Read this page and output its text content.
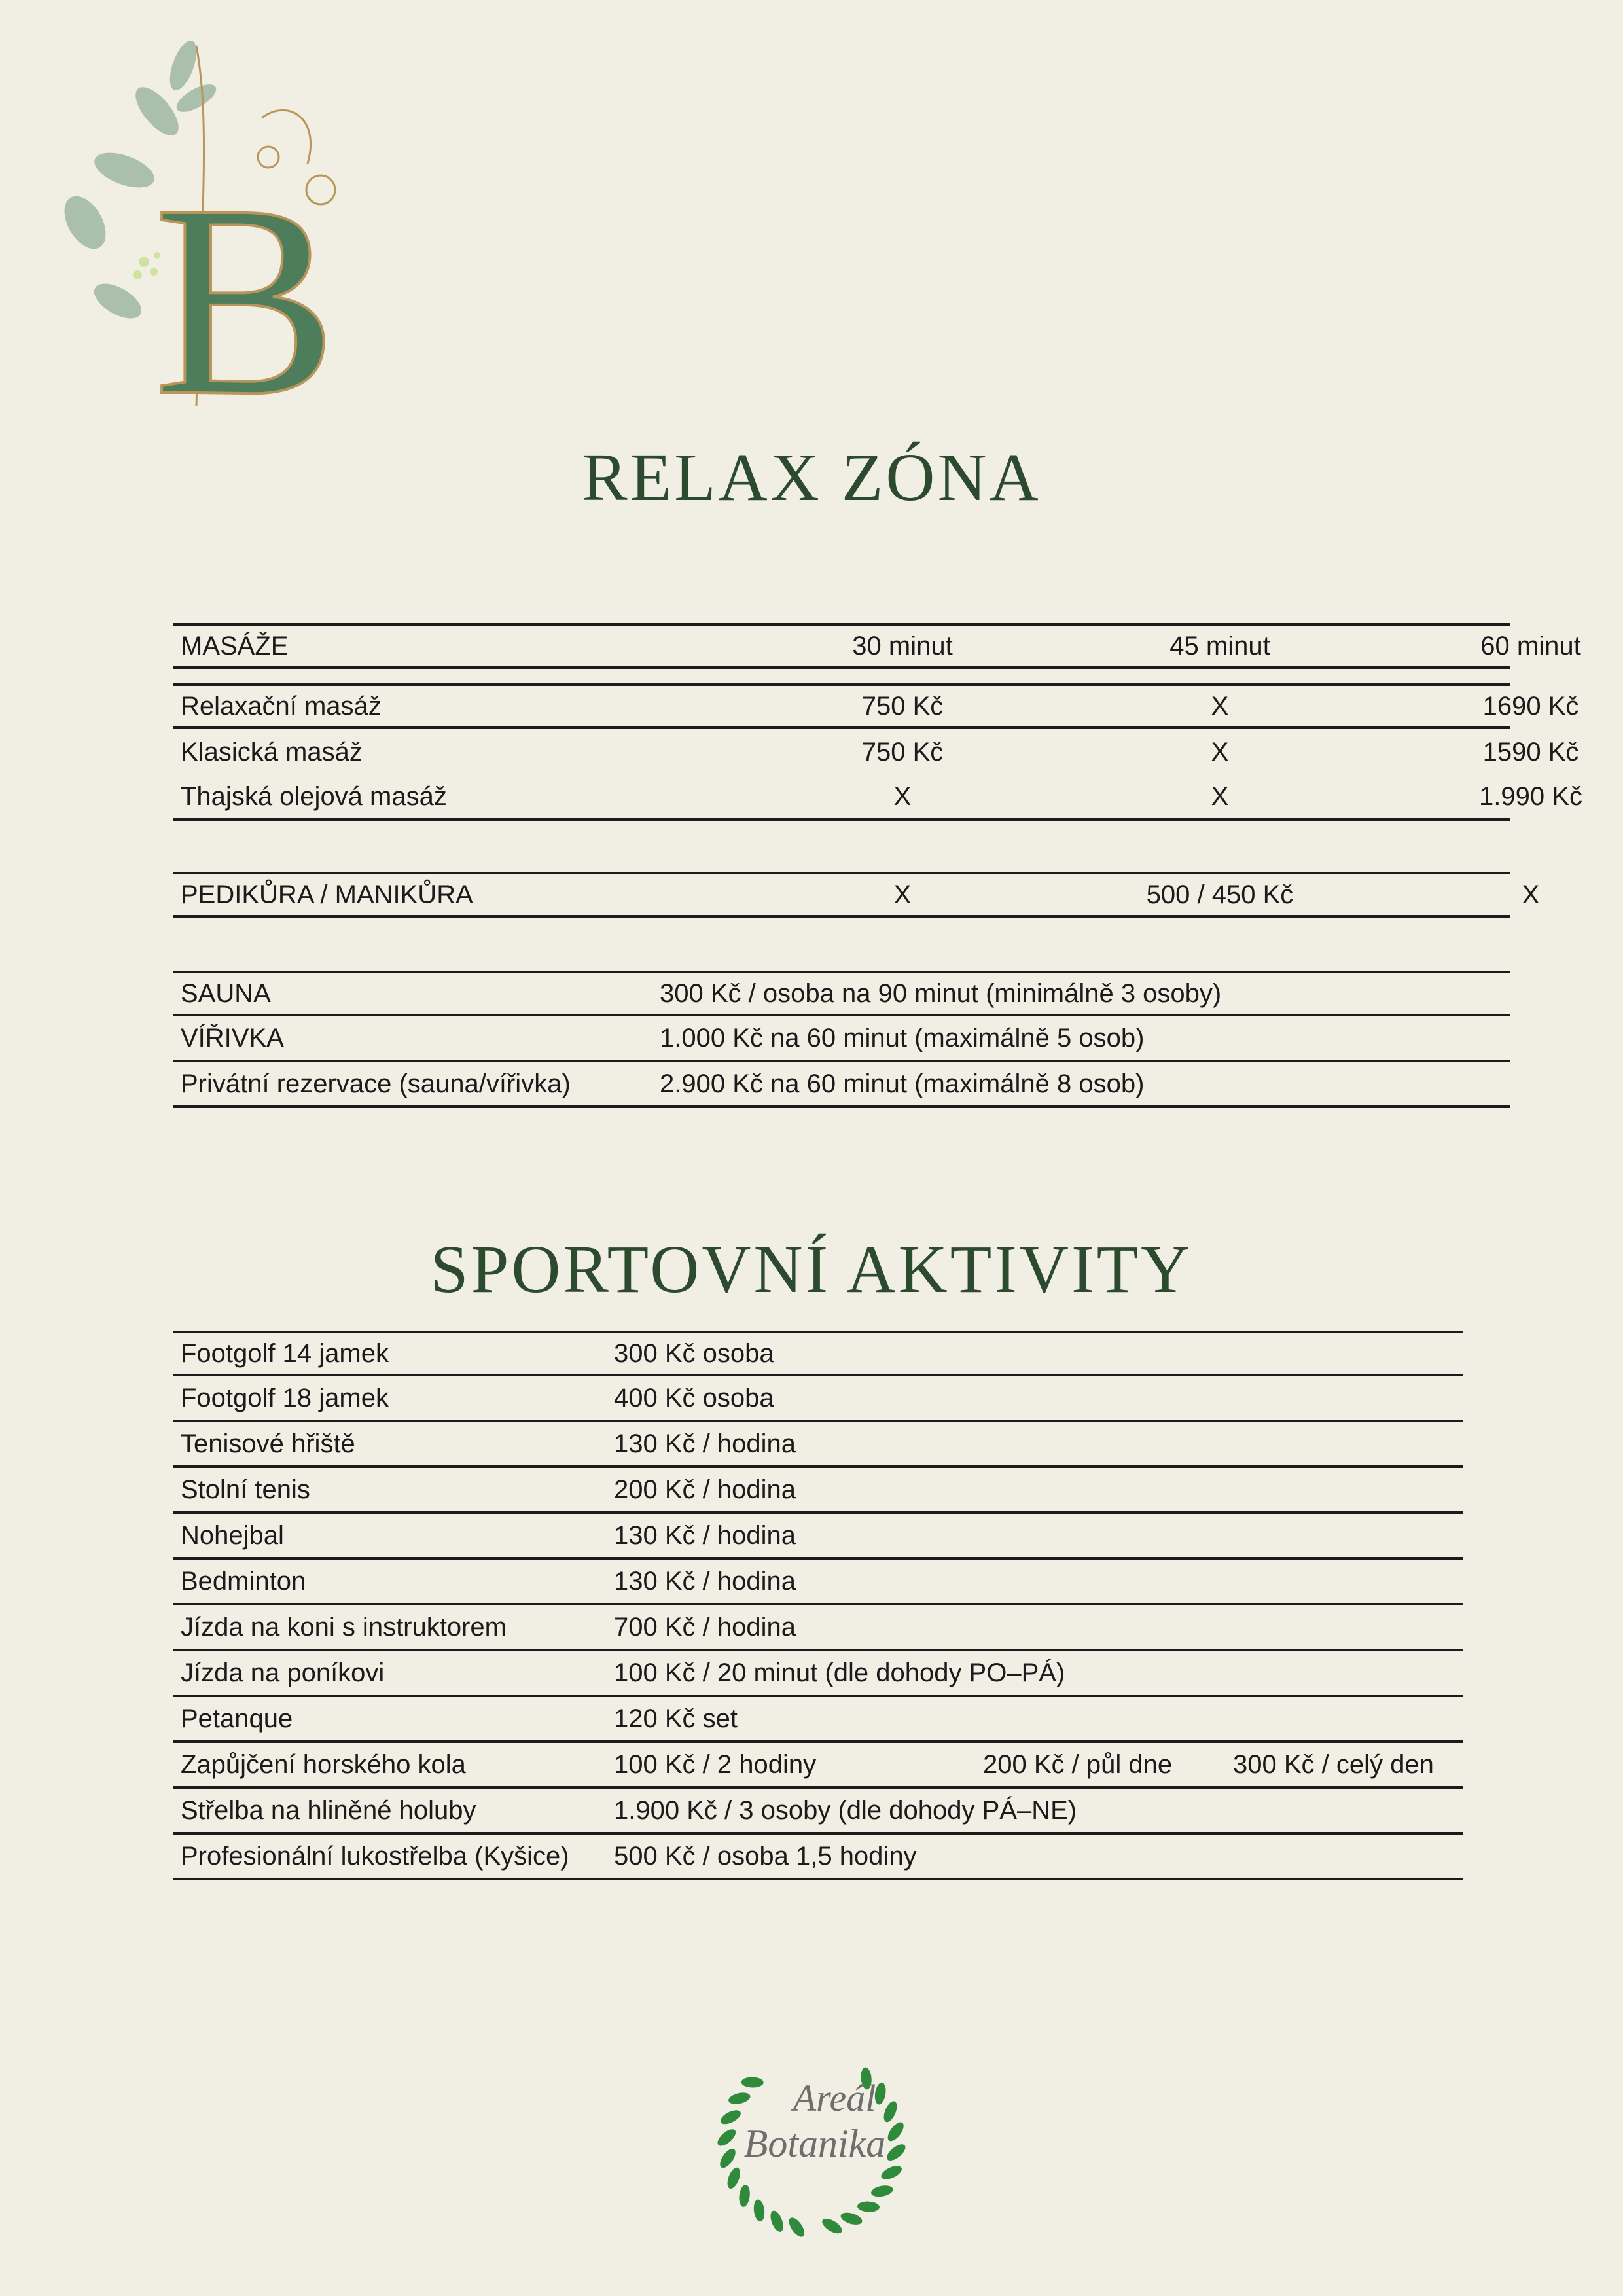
B
RELAX ZÓNA
MASÁŽE	30 minut	45 minut	60 minut
Relaxační masáž	750 Kč	X	1690 Kč
Klasická masáž	750 Kč	X	1590 Kč
Thajská olejová masáž	X	X	1.990 Kč
PEDIKŮRA / MANIKŮRA	X	500 / 450 Kč	X
SAUNA	300 Kč / osoba na 90 minut (minimálně 3 osoby)
VÍŘIVKA	1.000 Kč na 60 minut (maximálně 5 osob)
Privátní rezervace (sauna/vířivka)	2.900 Kč na 60 minut (maximálně 8 osob)
SPORTOVNÍ AKTIVITY
Footgolf 14 jamek	300 Kč osoba
Footgolf 18 jamek	400 Kč osoba
Tenisové hřiště	130 Kč / hodina
Stolní tenis	200 Kč / hodina
Nohejbal	130 Kč / hodina
Bedminton	130 Kč / hodina
Jízda na koni s instruktorem	700 Kč / hodina
Jízda na poníkovi	100 Kč / 20 minut (dle dohody PO–PÁ)
Petanque	120 Kč set
Zapůjčení horského kola	100 Kč / 2 hodiny	200 Kč / půl dne 300 Kč / celý den
Střelba na hliněné holuby	1.900 Kč / 3 osoby (dle dohody PÁ–NE)
Profesionální lukostřelba (Kyšice) 500 Kč / osoba 1,5 hodiny
Areál
Botanika
